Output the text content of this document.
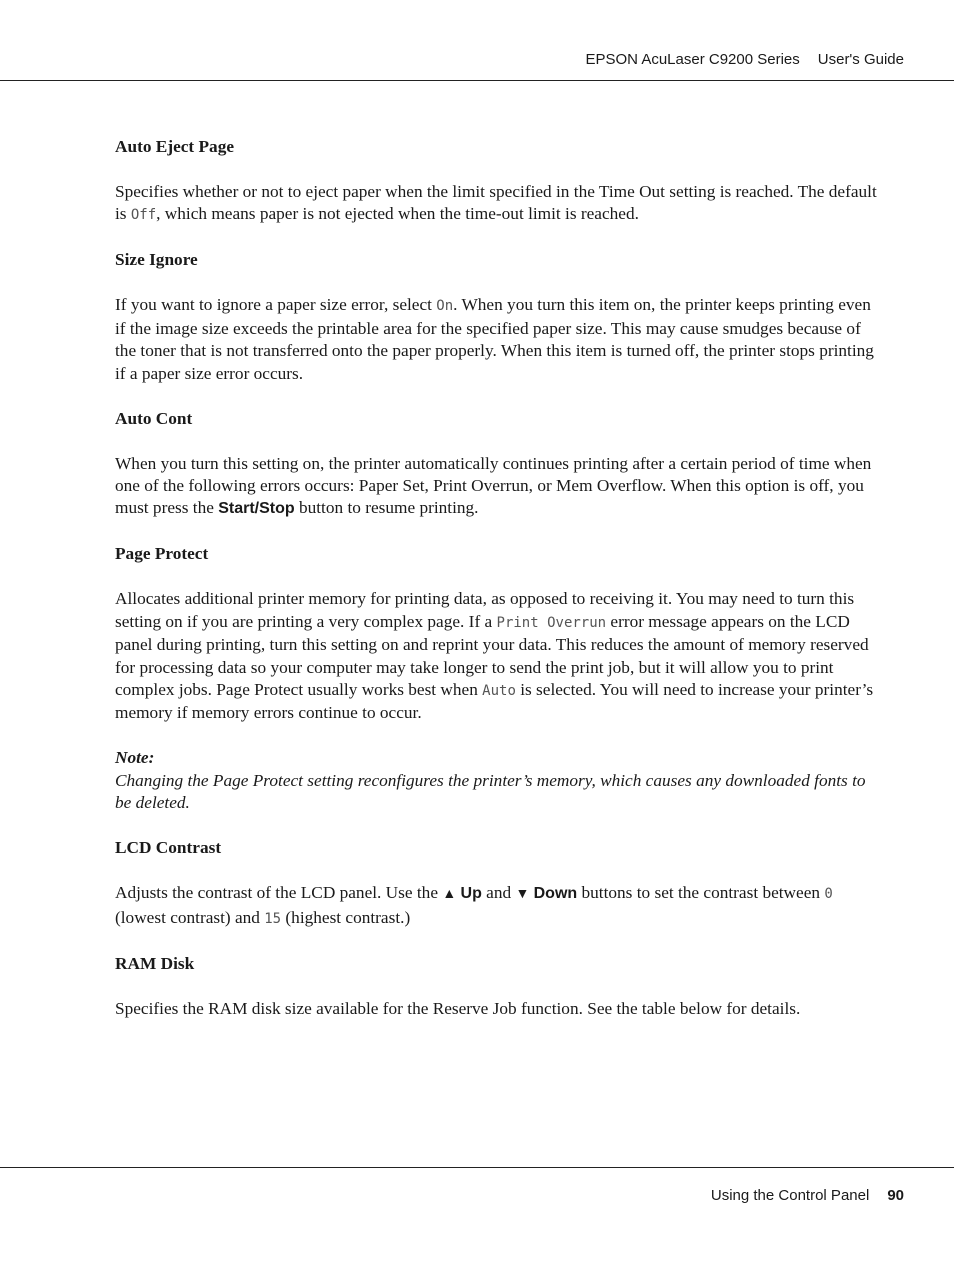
EPSON AcuLaser C9200 Series User's Guide
Auto Eject Page

Specifies whether or not to eject paper when the limit specified in the Time Out setting is reached. The default is Off, which means paper is not ejected when the time-out limit is reached.

Size Ignore

If you want to ignore a paper size error, select On. When you turn this item on, the printer keeps printing even if the image size exceeds the printable area for the specified paper size. This may cause smudges because of the toner that is not transferred onto the paper properly. When this item is turned off, the printer stops printing if a paper size error occurs.

Auto Cont

When you turn this setting on, the printer automatically continues printing after a certain period of time when one of the following errors occurs: Paper Set, Print Overrun, or Mem Overflow. When this option is off, you must press the Start/Stop button to resume printing.

Page Protect

Allocates additional printer memory for printing data, as opposed to receiving it. You may need to turn this setting on if you are printing a very complex page. If a Print Overrun error message appears on the LCD panel during printing, turn this setting on and reprint your data. This reduces the amount of memory reserved for processing data so your computer may take longer to send the print job, but it will allow you to print complex jobs. Page Protect usually works best when Auto is selected. You will need to increase your printer’s memory if memory errors continue to occur.

Note:

Changing the Page Protect setting reconfigures the printer’s memory, which causes any downloaded fonts to be deleted.

LCD Contrast

Adjusts the contrast of the LCD panel. Use the ▲ Up and ▼ Down buttons to set the contrast between 0 (lowest contrast) and 15 (highest contrast.)

RAM Disk

Specifies the RAM disk size available for the Reserve Job function. See the table below for details.

Using the Control Panel 90
